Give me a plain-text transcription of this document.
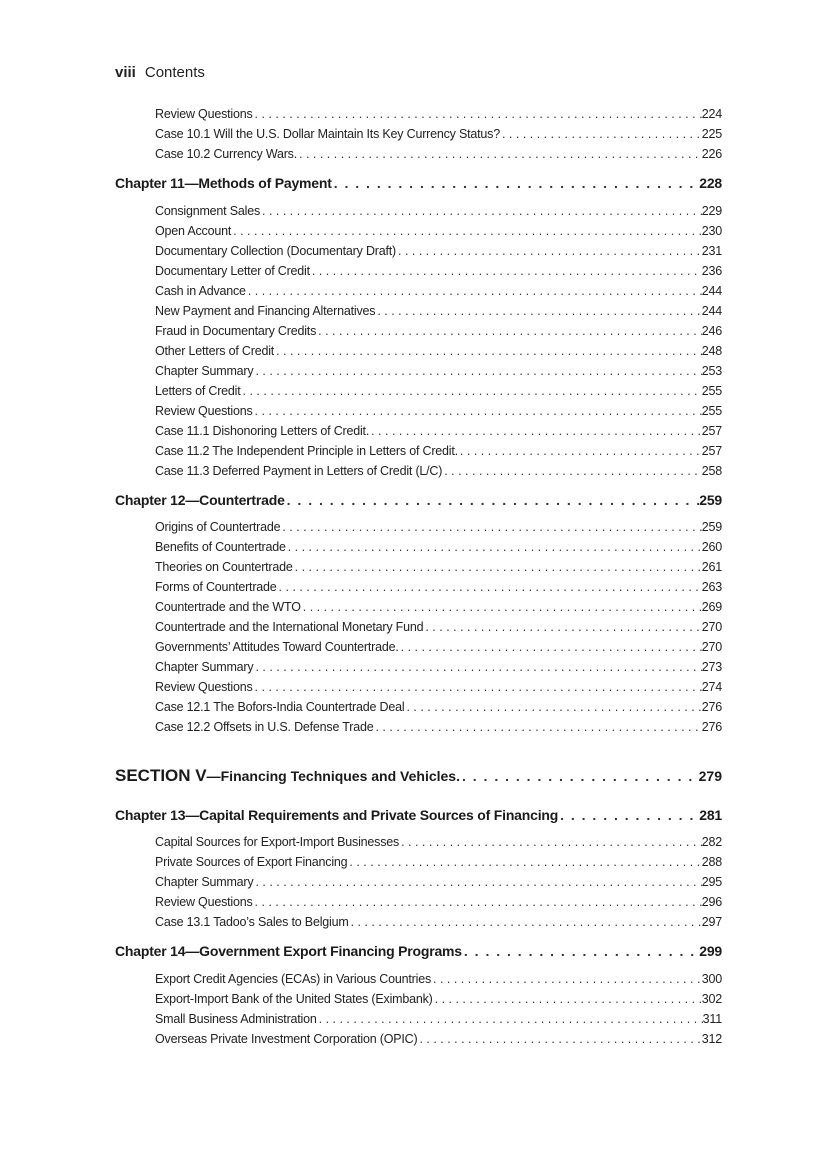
viii Contents
Review Questions . . .	224
Case 10.1 Will the U.S. Dollar Maintain Its Key Currency Status? . . .	225
Case 10.2 Currency Wars. . . .	226
Chapter 11—Methods of Payment . . .	228
Consignment Sales . . .	229
Open Account . . .	230
Documentary Collection (Documentary Draft) . . .	231
Documentary Letter of Credit . . .	236
Cash in Advance . . .	244
New Payment and Financing Alternatives . . .	244
Fraud in Documentary Credits . . .	246
Other Letters of Credit . . .	248
Chapter Summary . . .	253
Letters of Credit . . .	255
Review Questions . . .	255
Case 11.1 Dishonoring Letters of Credit. . . .	257
Case 11.2 The Independent Principle in Letters of Credit. . . .	257
Case 11.3 Deferred Payment in Letters of Credit (L/C) . . .	258
Chapter 12—Countertrade . . .	259
Origins of Countertrade . . .	259
Benefits of Countertrade . . .	260
Theories on Countertrade . . .	261
Forms of Countertrade . . .	263
Countertrade and the WTO . . .	269
Countertrade and the International Monetary Fund . . .	270
Governments’ Attitudes Toward Countertrade. . . .	270
Chapter Summary . . .	273
Review Questions . . .	274
Case 12.1 The Bofors-India Countertrade Deal . . .	276
Case 12.2 Offsets in U.S. Defense Trade . . .	276
SECTION V—Financing Techniques and Vehicles. . . .	279
Chapter 13—Capital Requirements and Private Sources of Financing . . .	281
Capital Sources for Export-Import Businesses . . .	282
Private Sources of Export Financing . . .	288
Chapter Summary . . .	295
Review Questions . . .	296
Case 13.1 Tadoo’s Sales to Belgium . . .	297
Chapter 14—Government Export Financing Programs . . .	299
Export Credit Agencies (ECAs) in Various Countries . . .	300
Export-Import Bank of the United States (Eximbank) . . .	302
Small Business Administration . . .	311
Overseas Private Investment Corporation (OPIC) . . .	312
